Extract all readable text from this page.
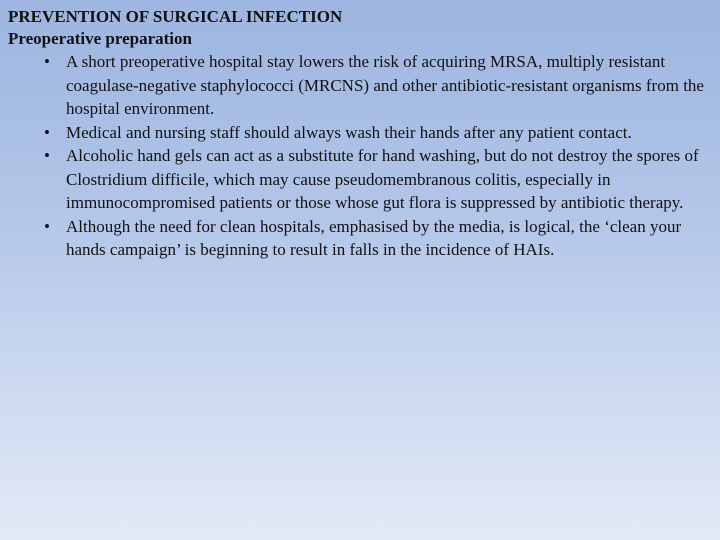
PREVENTION OF SURGICAL INFECTION
Preoperative preparation
• A short preoperative hospital stay lowers the risk of acquiring MRSA, multiply resistant coagulase-negative staphylococci (MRCNS) and other antibiotic-resistant organisms from the hospital environment.
• Medical and nursing staff should always wash their hands after any patient contact.
• Alcoholic hand gels can act as a substitute for hand washing, but do not destroy the spores of Clostridium difficile, which may cause pseudomembranous colitis, especially in immunocompromised patients or those whose gut flora is suppressed by antibiotic therapy.
• Although the need for clean hospitals, emphasised by the media, is logical, the ‘clean your hands campaign’ is beginning to result in falls in the incidence of HAIs.
